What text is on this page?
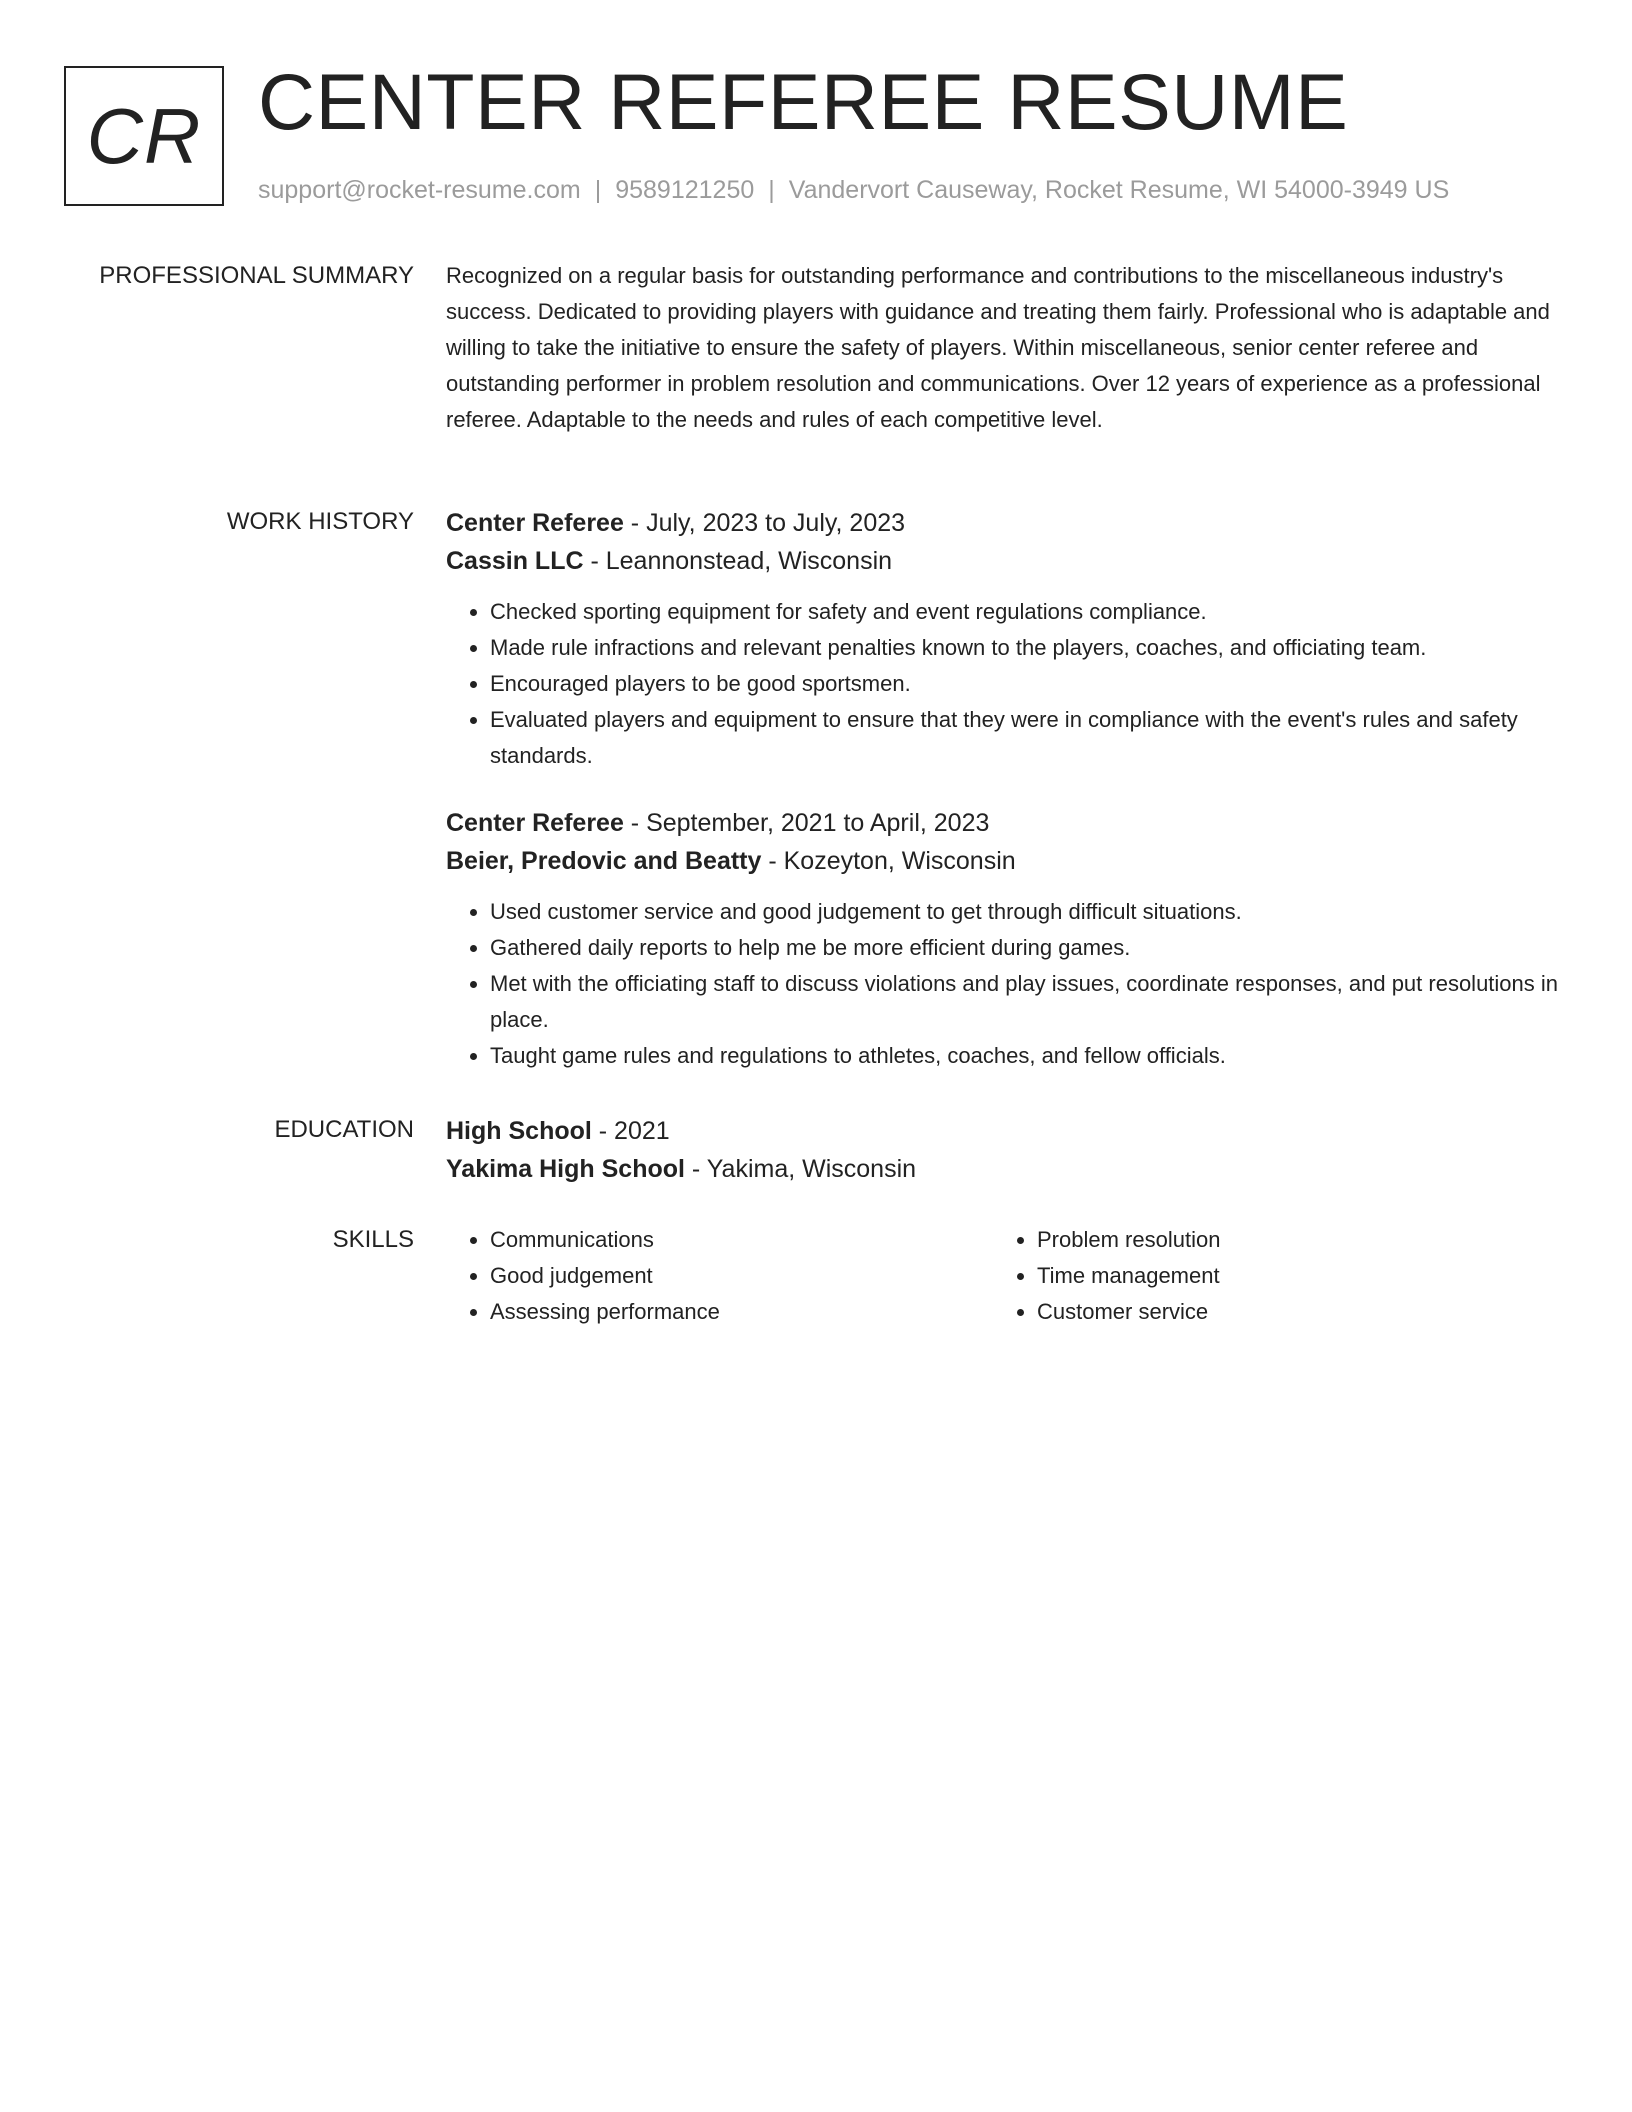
CR CENTER REFEREE RESUME
support@rocket-resume.com | 9589121250 | Vandervort Causeway, Rocket Resume, WI 54000-3949 US
PROFESSIONAL SUMMARY Recognized on a regular basis for outstanding performance and contributions to the miscellaneous industry's success. Dedicated to providing players with guidance and treating them fairly. Professional who is adaptable and willing to take the initiative to ensure the safety of players. Within miscellaneous, senior center referee and outstanding performer in problem resolution and communications. Over 12 years of experience as a professional referee. Adaptable to the needs and rules of each competitive level.

WORK HISTORY Center Referee - July, 2023 to July, 2023
Cassin LLC - Leannonstead, Wisconsin
• Checked sporting equipment for safety and event regulations compliance.
• Made rule infractions and relevant penalties known to the players, coaches, and officiating team.
• Encouraged players to be good sportsmen.
• Evaluated players and equipment to ensure that they were in compliance with the event's rules and safety standards.
Center Referee - September, 2021 to April, 2023
Beier, Predovic and Beatty - Kozeyton, Wisconsin
• Used customer service and good judgement to get through difficult situations.
• Gathered daily reports to help me be more efficient during games.
• Met with the officiating staff to discuss violations and play issues, coordinate responses, and put resolutions in place.
• Taught game rules and regulations to athletes, coaches, and fellow officials.
EDUCATION High School - 2021
Yakima High School - Yakima, Wisconsin
SKILLS
•	Communications
• Good judgement
• Assessing performance
• Problem resolution
• Time management
• Customer service
